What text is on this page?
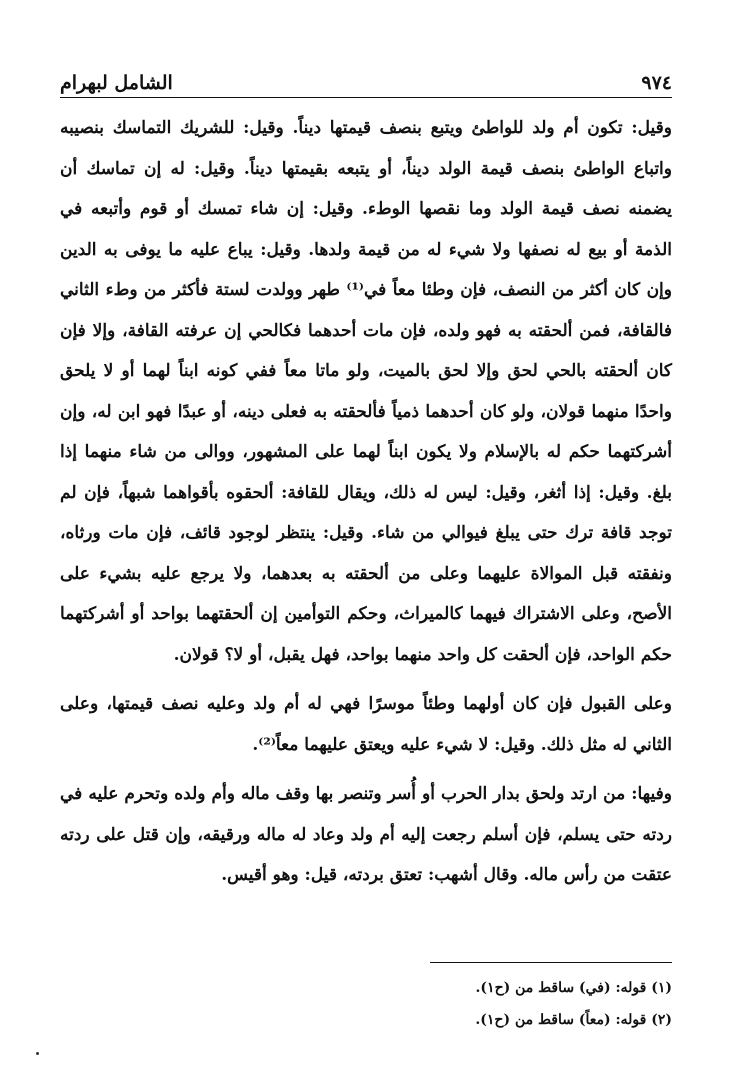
٩٧٤
الشامل لبهرام

وقيل: تكون أم ولد للواطئ ويتبع بنصف قيمتها ديناً. وقيل: للشريك التماسك بنصيبه واتباع الواطئ بنصف قيمة الولد ديناً، أو يتبعه بقيمتها ديناً. وقيل: له إن تماسك أن يضمنه نصف قيمة الولد وما نقصها الوطء. وقيل: إن شاء تمسك أو قوم وأتبعه في الذمة أو بيع له نصفها ولا شيء له من قيمة ولدها. وقيل: يباع عليه ما يوفى به الدين وإن كان أكثر من النصف، فإن وطئا معاً في⁽¹⁾ طهر وولدت لستة فأكثر من وطء الثاني فالقافة، فمن ألحقته به فهو ولده، فإن مات أحدهما فكالحي إن عرفته القافة، وإلا فإن كان ألحقته بالحي لحق وإلا لحق بالميت، ولو ماتا معاً ففي كونه ابناً لهما أو لا يلحق واحدًا منهما قولان، ولو كان أحدهما ذمياً فألحقته به فعلى دينه، أو عبدًا فهو ابن له، وإن أشركتهما حكم له بالإسلام ولا يكون ابناً لهما على المشهور، ووالى من شاء منهما إذا بلغ. وقيل: إذا أثغر، وقيل: ليس له ذلك، ويقال للقافة: ألحقوه بأقواهما شبهاً، فإن لم توجد قافة ترك حتى يبلغ فيوالي من شاء. وقيل: ينتظر لوجود قائف، فإن مات ورثاه، ونفقته قبل الموالاة عليهما وعلى من ألحقته به بعدهما، ولا يرجع عليه بشيء على الأصح، وعلى الاشتراك فيهما كالميراث، وحكم التوأمين إن ألحقتهما بواحد أو أشركتهما حكم الواحد، فإن ألحقت كل واحد منهما بواحد، فهل يقبل، أو لا؟ قولان.

وعلى القبول فإن كان أولهما وطئاً موسرًا فهي له أم ولد وعليه نصف قيمتها، وعلى الثاني له مثل ذلك. وقيل: لا شيء عليه ويعتق عليهما معاً⁽²⁾.

وفيها: من ارتد ولحق بدار الحرب أو أُسر وتنصر بها وقف ماله وأم ولده وتحرم عليه في ردته حتى يسلم، فإن أسلم رجعت إليه أم ولد وعاد له ماله ورقيقه، وإن قتل على ردته عتقت من رأس ماله. وقال أشهب: تعتق بردته، قيل: وهو أقيس.

(١) قوله: (في) ساقط من (ح١).

(٢) قوله: (معاً) ساقط من (ح١).
